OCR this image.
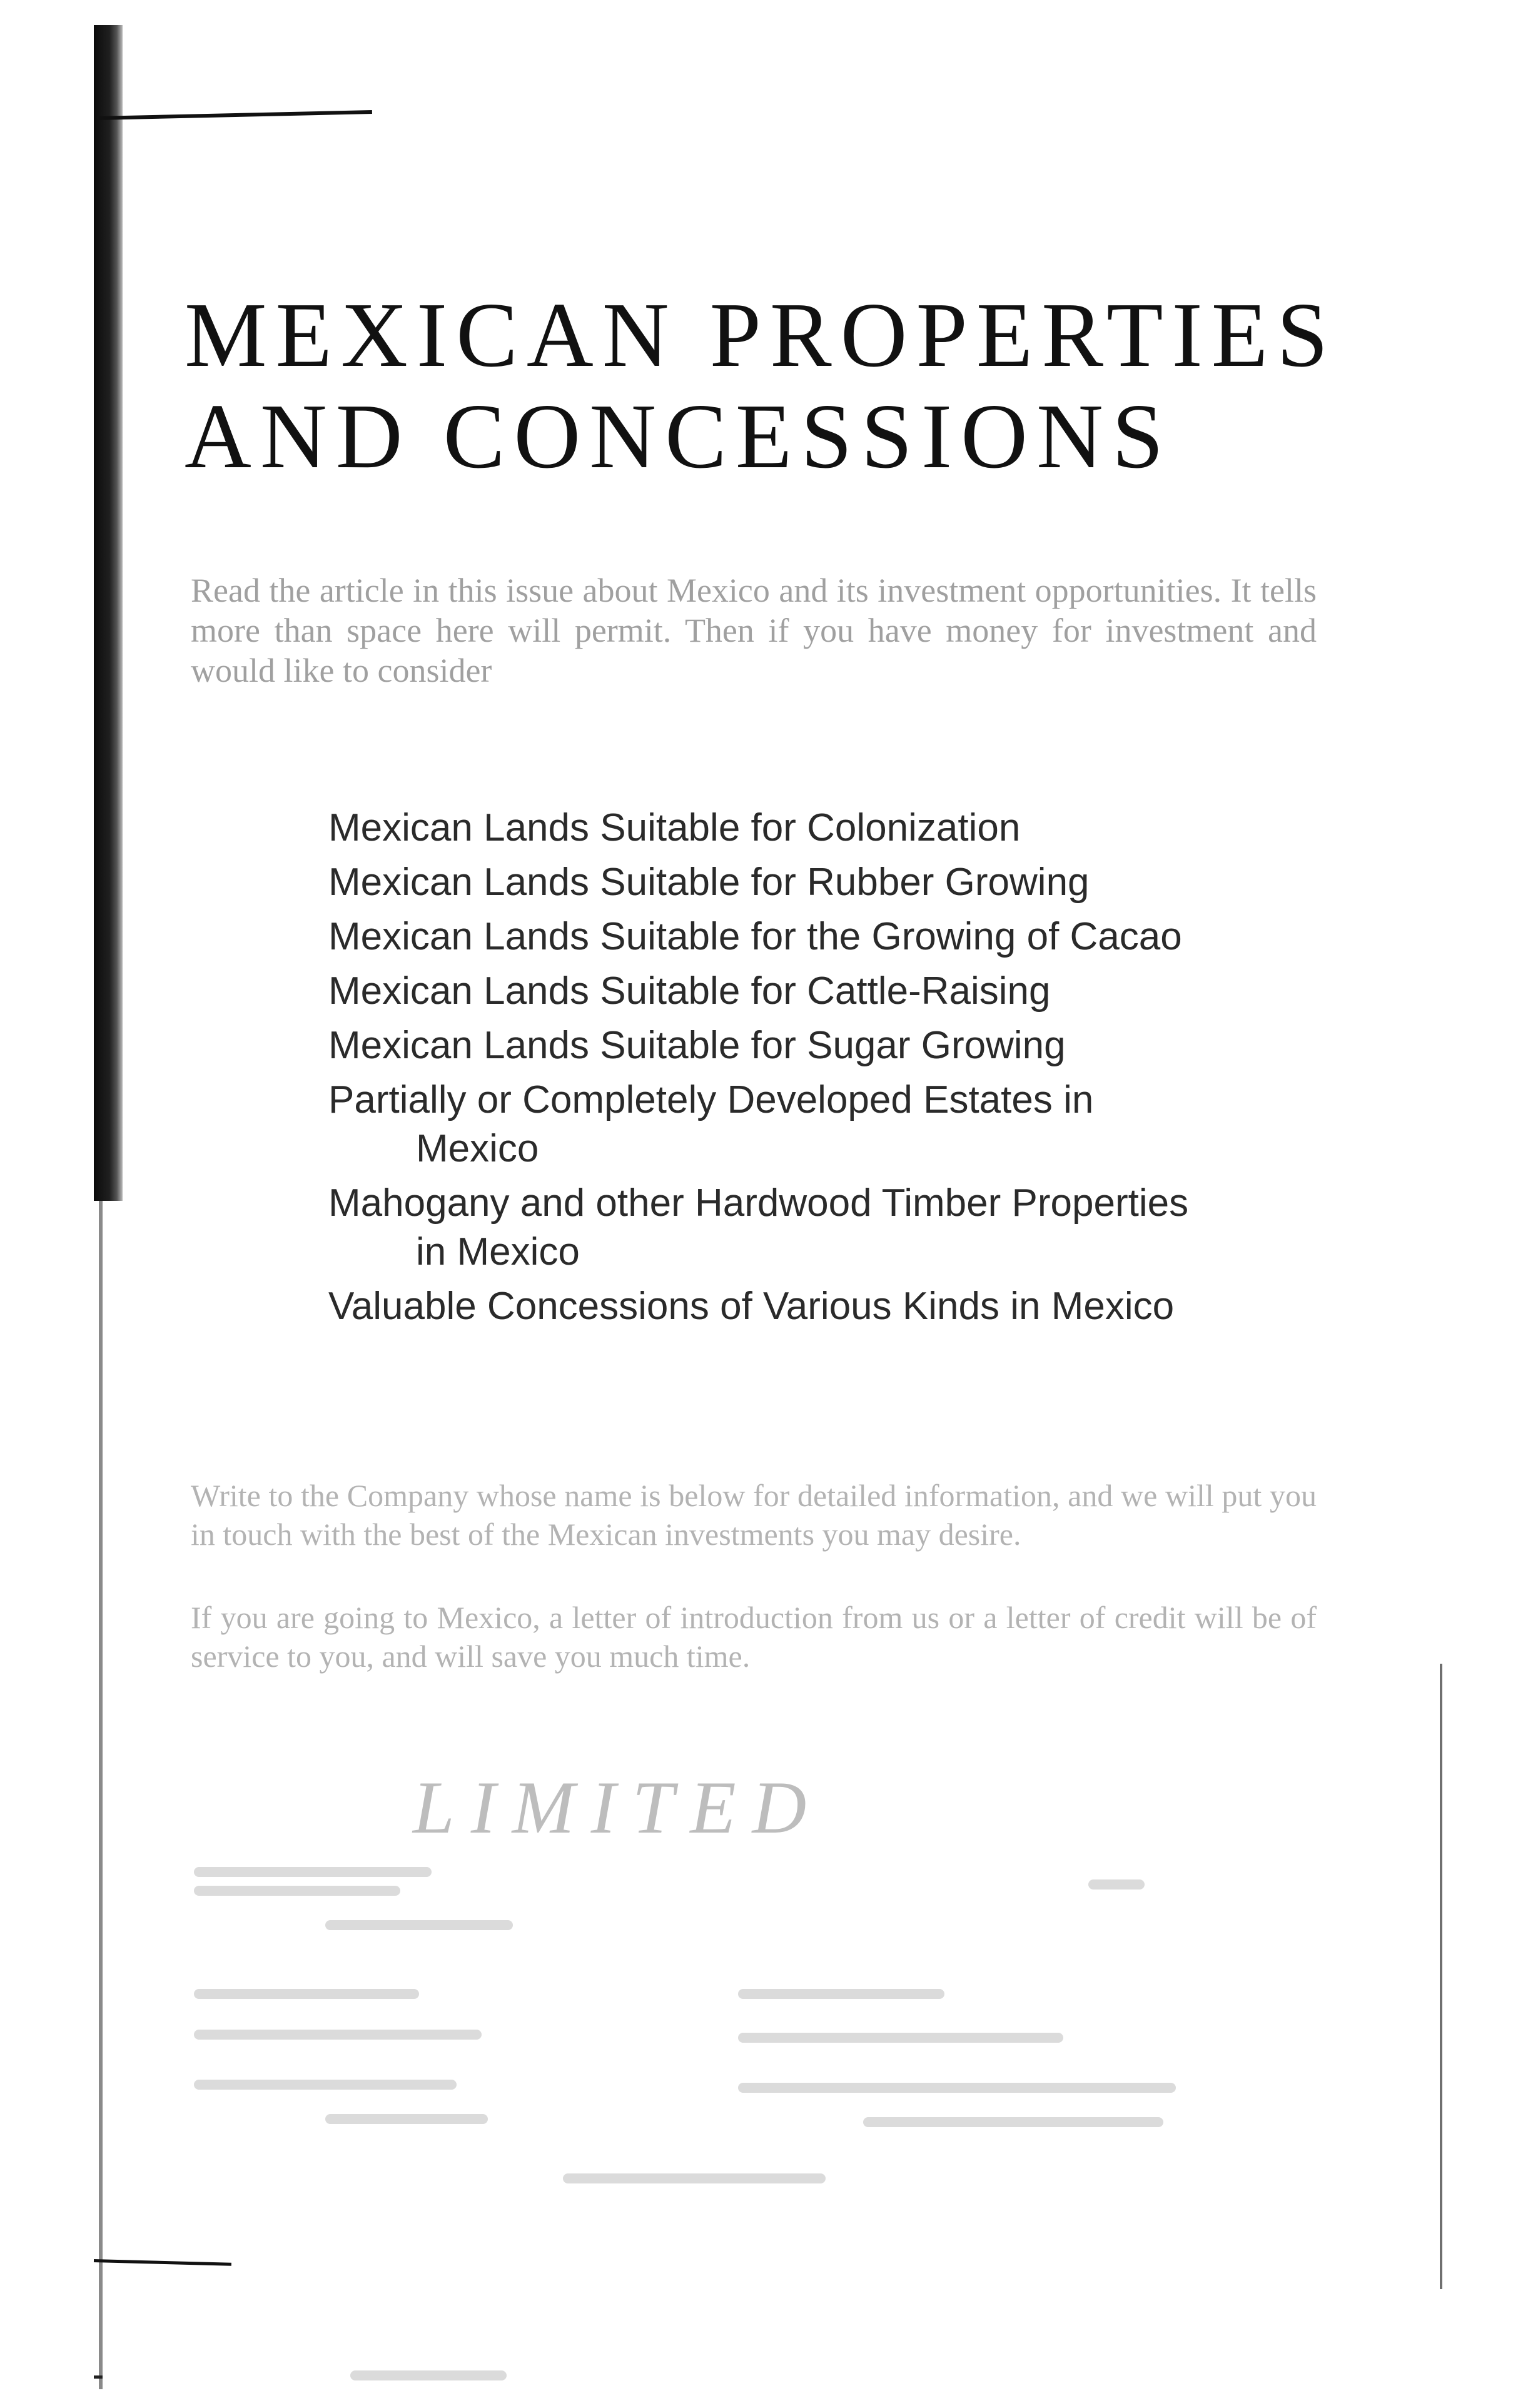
MEXICAN PROPERTIES
AND CONCESSIONS

Read the article in this issue about Mexico and its investment opportunities. It tells more than space here will permit. Then if you have money for investment and would like to consider

Mexican Lands Suitable for Colonization
Mexican Lands Suitable for Rubber Growing
Mexican Lands Suitable for the Growing of Cacao
Mexican Lands Suitable for Cattle-Raising
Mexican Lands Suitable for Sugar Growing
Partially or Completely Developed Estates in Mexico
Mahogany and other Hardwood Timber Properties in Mexico
Valuable Concessions of Various Kinds in Mexico

Write to the Company whose name is below for detailed information, and we will put you in touch with the best of the Mexican investments you may desire.

If you are going to Mexico, a letter of introduction from us or a letter of credit will be of service to you, and will save you much time.

LIMITED
